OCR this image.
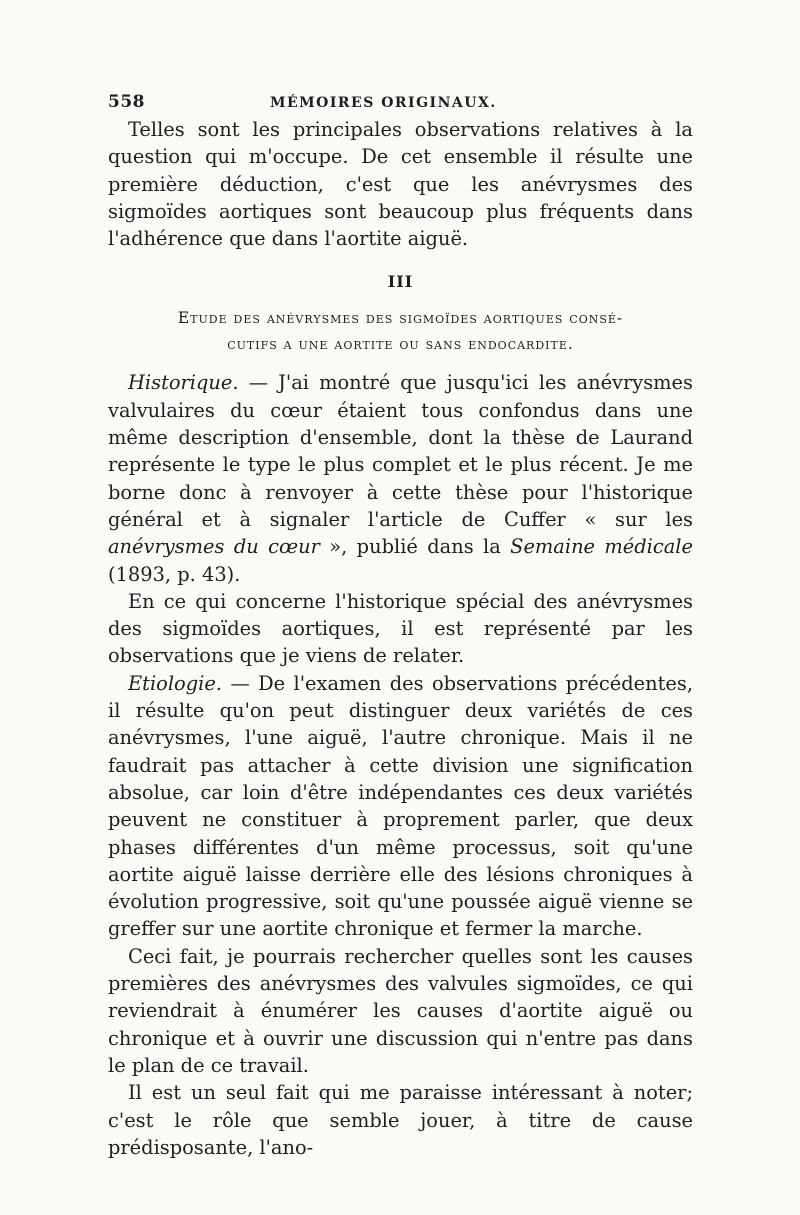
558	MÉMOIRES ORIGINAUX.

Telles sont les principales observations relatives à la question qui m'occupe. De cet ensemble il résulte une première déduction, c'est que les anévrysmes des sigmoïdes aortiques sont beaucoup plus fréquents dans l'adhérence que dans l'aortite aiguë.

III
Etude des anévrysmes des sigmoïdes aortiques consé-
cutifs a une aortite ou sans endocardite.

Historique. — J'ai montré que jusqu'ici les anévrysmes valvulaires du cœur étaient tous confondus dans une même description d'ensemble, dont la thèse de Laurand représente le type le plus complet et le plus récent. Je me borne donc à renvoyer à cette thèse pour l'historique général et à signaler l'article de Cuffer « sur les anévrysmes du cœur », publié dans la Semaine médicale (1893, p. 43).

En ce qui concerne l'historique spécial des anévrysmes des sigmoïdes aortiques, il est représenté par les observations que je viens de relater.

Etiologie. — De l'examen des observations précédentes, il résulte qu'on peut distinguer deux variétés de ces anévrysmes, l'une aiguë, l'autre chronique. Mais il ne faudrait pas attacher à cette division une signification absolue, car loin d'être indépendantes ces deux variétés peuvent ne constituer à proprement parler, que deux phases différentes d'un même processus, soit qu'une aortite aiguë laisse derrière elle des lésions chroniques à évolution progressive, soit qu'une poussée aiguë vienne se greffer sur une aortite chronique et fermer la marche.

Ceci fait, je pourrais rechercher quelles sont les causes premières des anévrysmes des valvules sigmoïdes, ce qui reviendrait à énumérer les causes d'aortite aiguë ou chronique et à ouvrir une discussion qui n'entre pas dans le plan de ce travail.

Il est un seul fait qui me paraisse intéressant à noter; c'est le rôle que semble jouer, à titre de cause prédisposante, l'ano-
